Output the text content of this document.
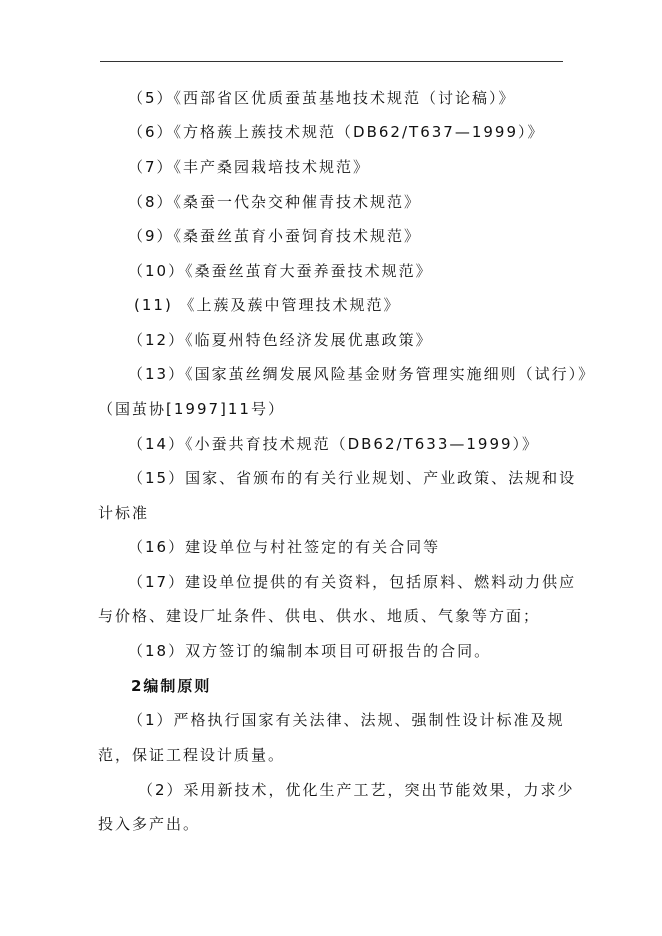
（5）《西部省区优质蚕茧基地技术规范（讨论稿）》
（6）《方格蔟上蔟技术规范（DB62/T637—1999）》
（7）《丰产桑园栽培技术规范》
（8）《桑蚕一代杂交种催青技术规范》
（9）《桑蚕丝茧育小蚕饲育技术规范》
（10）《桑蚕丝茧育大蚕养蚕技术规范》
(11) 《上蔟及蔟中管理技术规范》
（12）《临夏州特色经济发展优惠政策》
（13）《国家茧丝绸发展风险基金财务管理实施细则（试行）》
（国茧协[1997]11号）
（14）《小蚕共育技术规范（DB62/T633—1999）》
（15）国家、省颁布的有关行业规划、产业政策、法规和设
计标准
（16）建设单位与村社签定的有关合同等
（17）建设单位提供的有关资料，包括原料、燃料动力供应
与价格、建设厂址条件、供电、供水、地质、气象等方面；
（18）双方签订的编制本项目可研报告的合同。
2编制原则
（1）严格执行国家有关法律、法规、强制性设计标准及规
范，保证工程设计质量。
（2）采用新技术，优化生产工艺，突出节能效果，力求少
投入多产出。
